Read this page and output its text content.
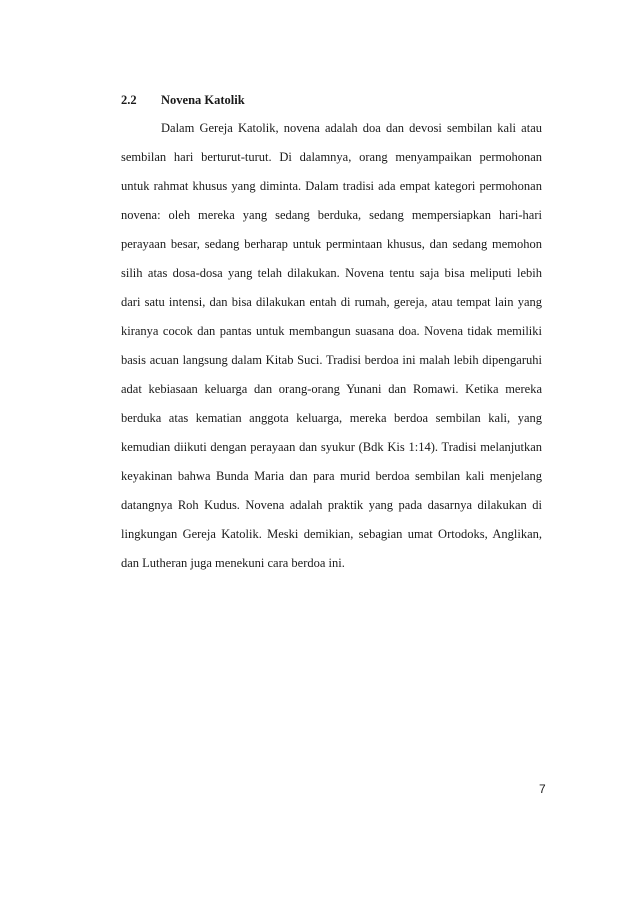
2.2 Novena Katolik
Dalam Gereja Katolik, novena adalah doa dan devosi sembilan kali atau
sembilan hari berturut-turut. Di dalamnya, orang menyampaikan permohonan
untuk rahmat khusus yang diminta. Dalam tradisi ada empat kategori permohonan
novena: oleh mereka yang sedang berduka, sedang mempersiapkan hari-hari
perayaan besar, sedang berharap untuk permintaan khusus, dan sedang memohon
silih atas dosa-dosa yang telah dilakukan. Novena tentu saja bisa meliputi lebih
dari satu intensi, dan bisa dilakukan entah di rumah, gereja, atau tempat lain yang
kiranya cocok dan pantas untuk membangun suasana doa. Novena tidak memiliki
basis acuan langsung dalam Kitab Suci. Tradisi berdoa ini malah lebih dipengaruhi
adat kebiasaan keluarga dan orang-orang Yunani dan Romawi. Ketika mereka
berduka atas kematian anggota keluarga, mereka berdoa sembilan kali, yang
kemudian diikuti dengan perayaan dan syukur (Bdk Kis 1:14). Tradisi melanjutkan
keyakinan bahwa Bunda Maria dan para murid berdoa sembilan kali menjelang
datangnya Roh Kudus. Novena adalah praktik yang pada dasarnya dilakukan di
lingkungan Gereja Katolik. Meski demikian, sebagian umat Ortodoks, Anglikan,
dan Lutheran juga menekuni cara berdoa ini.
7
